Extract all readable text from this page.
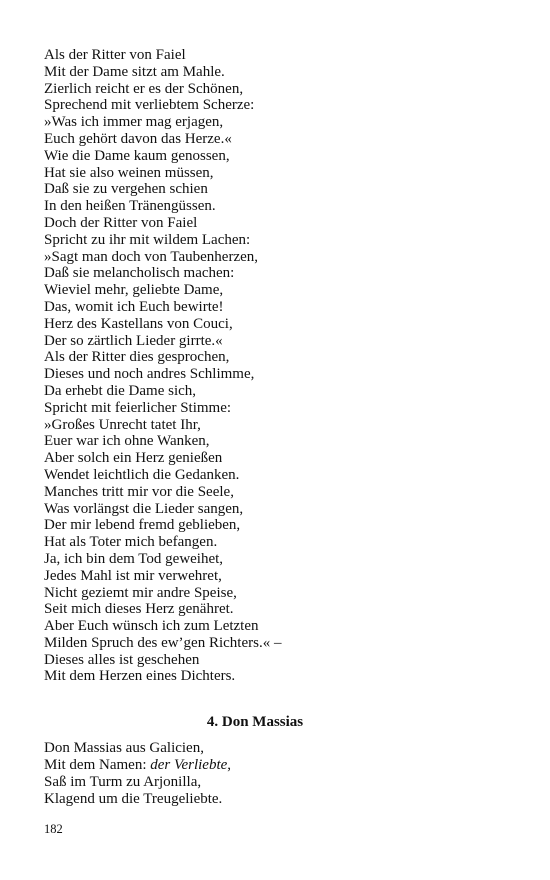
Als der Ritter von Faiel
Mit der Dame sitzt am Mahle.
Zierlich reicht er es der Schönen,
Sprechend mit verliebtem Scherze:
»Was ich immer mag erjagen,
Euch gehört davon das Herze.«
Wie die Dame kaum genossen,
Hat sie also weinen müssen,
Daß sie zu vergehen schien
In den heißen Tränengüssen.
Doch der Ritter von Faiel
Spricht zu ihr mit wildem Lachen:
»Sagt man doch von Taubenherzen,
Daß sie melancholisch machen:
Wieviel mehr, geliebte Dame,
Das, womit ich Euch bewirte!
Herz des Kastellans von Couci,
Der so zärtlich Lieder girrte.«
Als der Ritter dies gesprochen,
Dieses und noch andres Schlimme,
Da erhebt die Dame sich,
Spricht mit feierlicher Stimme:
»Großes Unrecht tatet Ihr,
Euer war ich ohne Wanken,
Aber solch ein Herz genießen
Wendet leichtlich die Gedanken.
Manches tritt mir vor die Seele,
Was vorlängst die Lieder sangen,
Der mir lebend fremd geblieben,
Hat als Toter mich befangen.
Ja, ich bin dem Tod geweihet,
Jedes Mahl ist mir verwehret,
Nicht geziemt mir andre Speise,
Seit mich dieses Herz genähret.
Aber Euch wünsch ich zum Letzten
Milden Spruch des ew’gen Richters.« –
Dieses alles ist geschehen
Mit dem Herzen eines Dichters.
4. Don Massias
Don Massias aus Galicien,
Mit dem Namen: der Verliebte,
Saß im Turm zu Arjonilla,
Klagend um die Treugeliebte.
182
